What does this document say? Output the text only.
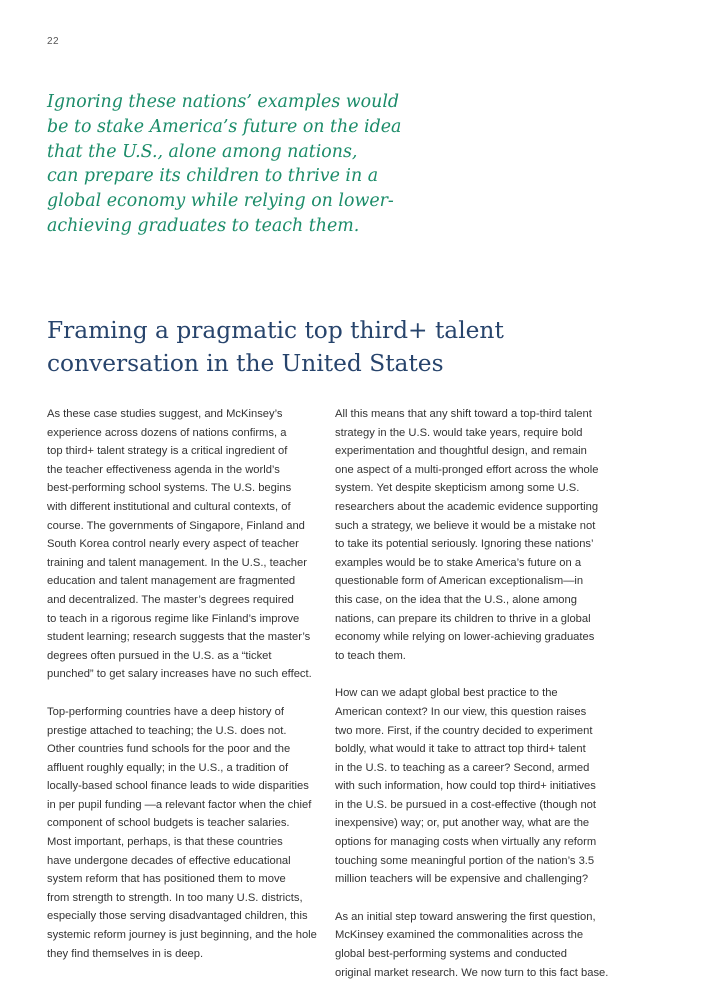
22
Ignoring these nations’ examples would
be to stake America’s future on the idea
that the U.S., alone among nations,
can prepare its children to thrive in a
global economy while relying on lower-
achieving graduates to teach them.
Framing a pragmatic top third+ talent
conversation in the United States

As these case studies suggest, and McKinsey’s
experience across dozens of nations confirms, a
top third+ talent strategy is a critical ingredient of
the teacher effectiveness agenda in the world’s
best-performing school systems. The U.S. begins
with different institutional and cultural contexts, of
course. The governments of Singapore, Finland and
South Korea control nearly every aspect of teacher
training and talent management. In the U.S., teacher
education and talent management are fragmented
and decentralized. The master’s degrees required
to teach in a rigorous regime like Finland’s improve
student learning; research suggests that the master’s
degrees often pursued in the U.S. as a “ticket
punched” to get salary increases have no such effect.

Top-performing countries have a deep history of
prestige attached to teaching; the U.S. does not.
Other countries fund schools for the poor and the
affluent roughly equally; in the U.S., a tradition of
locally-based school finance leads to wide disparities
in per pupil funding —a relevant factor when the chief
component of school budgets is teacher salaries.
Most important, perhaps, is that these countries
have undergone decades of effective educational
system reform that has positioned them to move
from strength to strength. In too many U.S. districts,
especially those serving disadvantaged children, this
systemic reform journey is just beginning, and the hole
they find themselves in is deep.

All this means that any shift toward a top-third talent
strategy in the U.S. would take years, require bold
experimentation and thoughtful design, and remain
one aspect of a multi-pronged effort across the whole
system. Yet despite skepticism among some U.S.
researchers about the academic evidence supporting
such a strategy, we believe it would be a mistake not
to take its potential seriously. Ignoring these nations’
examples would be to stake America’s future on a
questionable form of American exceptionalism—in
this case, on the idea that the U.S., alone among
nations, can prepare its children to thrive in a global
economy while relying on lower-achieving graduates
to teach them.

How can we adapt global best practice to the
American context? In our view, this question raises
two more. First, if the country decided to experiment
boldly, what would it take to attract top third+ talent
in the U.S. to teaching as a career? Second, armed
with such information, how could top third+ initiatives
in the U.S. be pursued in a cost-effective (though not
inexpensive) way; or, put another way, what are the
options for managing costs when virtually any reform
touching some meaningful portion of the nation’s 3.5
million teachers will be expensive and challenging?

As an initial step toward answering the first question,
McKinsey examined the commonalities across the
global best-performing systems and conducted
original market research. We now turn to this fact base.
